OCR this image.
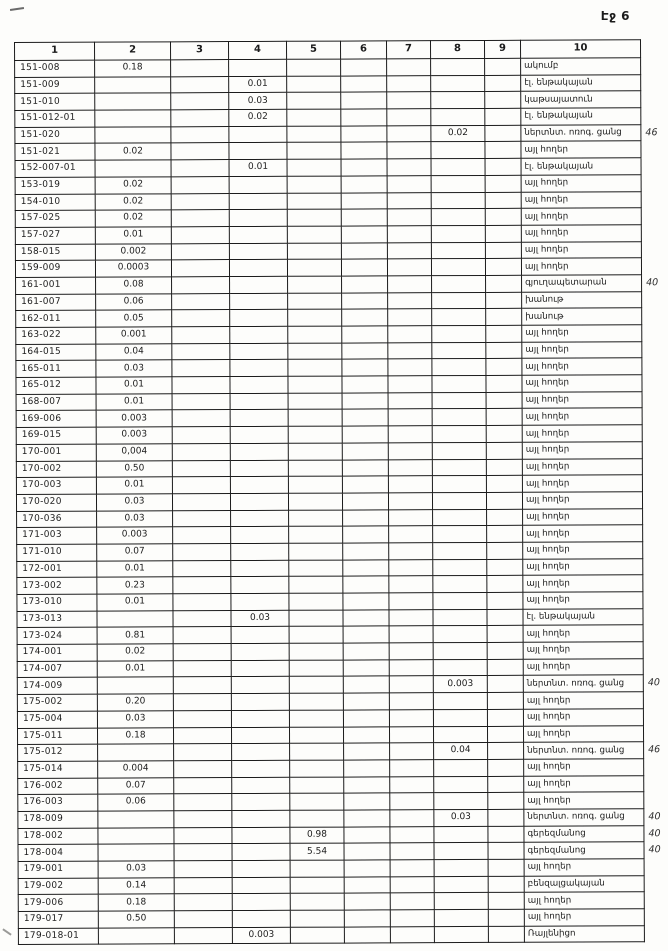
Էջ 6
1	2	3	4	5	6	7	8	9	10	
151-008	0.18								ակումբ	
151-009			0.01						էլ. ենթակայան	
151-010			0.03						կաթսայատուն	
151-012-01			0.02						էլ. ենթակայան	
151-020							0.02		ներտնտ. ոռոգ. ցանց	46
151-021	0.02								այլ հողեր	
152-007-01			0.01						էլ. ենթակայան	
153-019	0.02								այլ հողեր	
154-010	0.02								այլ հողեր	
157-025	0.02								այլ հողեր	
157-027	0.01								այլ հողեր	
158-015	0.002								այլ հողեր	
159-009	0.0003								այլ հողեր	
161-001	0.08								գյուղապետարան	40
161-007	0.06								խանութ	
162-011	0.05								խանութ	
163-022	0.001								այլ հողեր	
164-015	0.04								այլ հողեր	
165-011	0.03								այլ հողեր	
165-012	0.01								այլ հողեր	
168-007	0.01								այլ հողեր	
169-006	0.003								այլ հողեր	
169-015	0.003								այլ հողեր	
170-001	0,004								այլ հողեր	
170-002	0.50								այլ հողեր	
170-003	0.01								այլ հողեր	
170-020	0.03								այլ հողեր	
170-036	0.03								այլ հողեր	
171-003	0.003								այլ հողեր	
171-010	0.07								այլ հողեր	
172-001	0.01								այլ հողեր	
173-002	0.23								այլ հողեր	
173-010	0.01								այլ հողեր	
173-013			0.03						էլ. ենթակայան	
173-024	0.81								այլ հողեր	
174-001	0.02								այլ հողեր	
174-007	0.01								այլ հողեր	
174-009							0.003		ներտնտ. ոռոգ. ցանց	40
175-002	0.20								այլ հողեր	
175-004	0.03								այլ հողեր	
175-011	0.18								այլ հողեր	
175-012							0.04		ներտնտ. ոռոգ. ցանց	46
175-014	0.004								այլ հողեր	
176-002	0.07								այլ հողեր	
176-003	0.06								այլ հողեր	
178-009							0.03		ներտնտ. ոռոգ. ցանց	40
178-002				0.98					գերեզմանոց	40
178-004				5.54					գերեզմանոց	40
179-001	0.03								այլ հողեր	
179-002	0.14								բենզալցակայան	
179-006	0.18								այլ հողեր	
179-017	0.50								այլ հողեր	
179-018-01			0.003						Ռայլենիցո	
